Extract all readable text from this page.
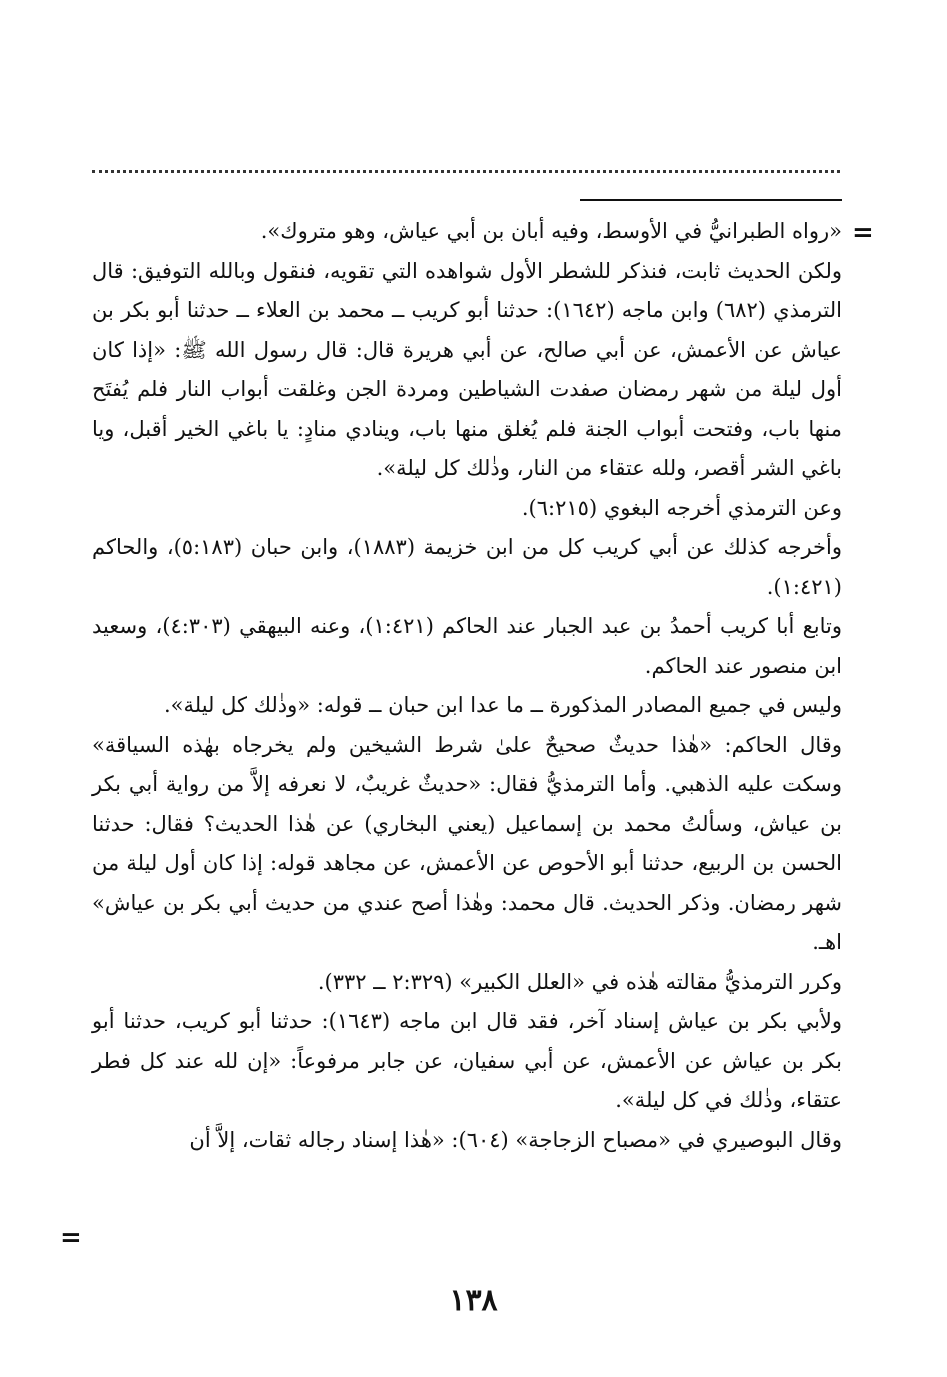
=

«رواه الطبرانيُّ في الأوسط، وفيه أبان بن أبي عياش، وهو متروك».

ولكن الحديث ثابت، فنذكر للشطر الأول شواهده التي تقويه، فنقول وبالله التوفيق: قال الترمذي (٦٨٢) وابن ماجه (١٦٤٢): حدثنا أبو كريب ــ محمد بن العلاء ــ حدثنا أبو بكر بن عياش عن الأعمش، عن أبي صالح، عن أبي هريرة قال: قال رسول الله ﷺ: «إذا كان أول ليلة من شهر رمضان صفدت الشياطين ومردة الجن وغلقت أبواب النار فلم يُفتَح منها باب، وفتحت أبواب الجنة فلم يُغلق منها باب، وينادي منادٍ: يا باغي الخير أقبل، ويا باغي الشر أقصر، ولله عتقاء من النار، وذٰلك كل ليلة».

وعن الترمذي أخرجه البغوي (٦:٢١٥).

وأخرجه كذلك عن أبي كريب كل من ابن خزيمة (١٨٨٣)، وابن حبان (٥:١٨٣)، والحاكم (١:٤٢١).

وتابع أبا كريب أحمدُ بن عبد الجبار عند الحاكم (١:٤٢١)، وعنه البيهقي (٤:٣٠٣)، وسعيد ابن منصور عند الحاكم.

وليس في جميع المصادر المذكورة ــ ما عدا ابن حبان ــ قوله: «وذٰلك كل ليلة».

وقال الحاكم: «هٰذا حديثٌ صحيحٌ علىٰ شرط الشيخين ولم يخرجاه بهٰذه السياقة» وسكت عليه الذهبي. وأما الترمذيُّ فقال: «حديثٌ غريبٌ، لا نعرفه إلاَّ من رواية أبي بكر بن عياش، وسألتُ محمد بن إسماعيل (يعني البخاري) عن هٰذا الحديث؟ فقال: حدثنا الحسن بن الربيع، حدثنا أبو الأحوص عن الأعمش، عن مجاهد قوله: إذا كان أول ليلة من شهر رمضان. وذكر الحديث. قال محمد: وهٰذا أصح عندي من حديث أبي بكر بن عياش» اهـ.

وكرر الترمذيُّ مقالته هٰذه في «العلل الكبير» (٢:٣٢٩ ــ ٣٣٢).

ولأبي بكر بن عياش إسناد آخر، فقد قال ابن ماجه (١٦٤٣): حدثنا أبو كريب، حدثنا أبو بكر بن عياش عن الأعمش، عن أبي سفيان، عن جابر مرفوعاً: «إن لله عند كل فطر عتقاء، وذٰلك في كل ليلة».

وقال البوصيري في «مصباح الزجاجة» (٦٠٤): «هٰذا إسناد رجاله ثقات، إلاَّ أن

=
١٣٨
